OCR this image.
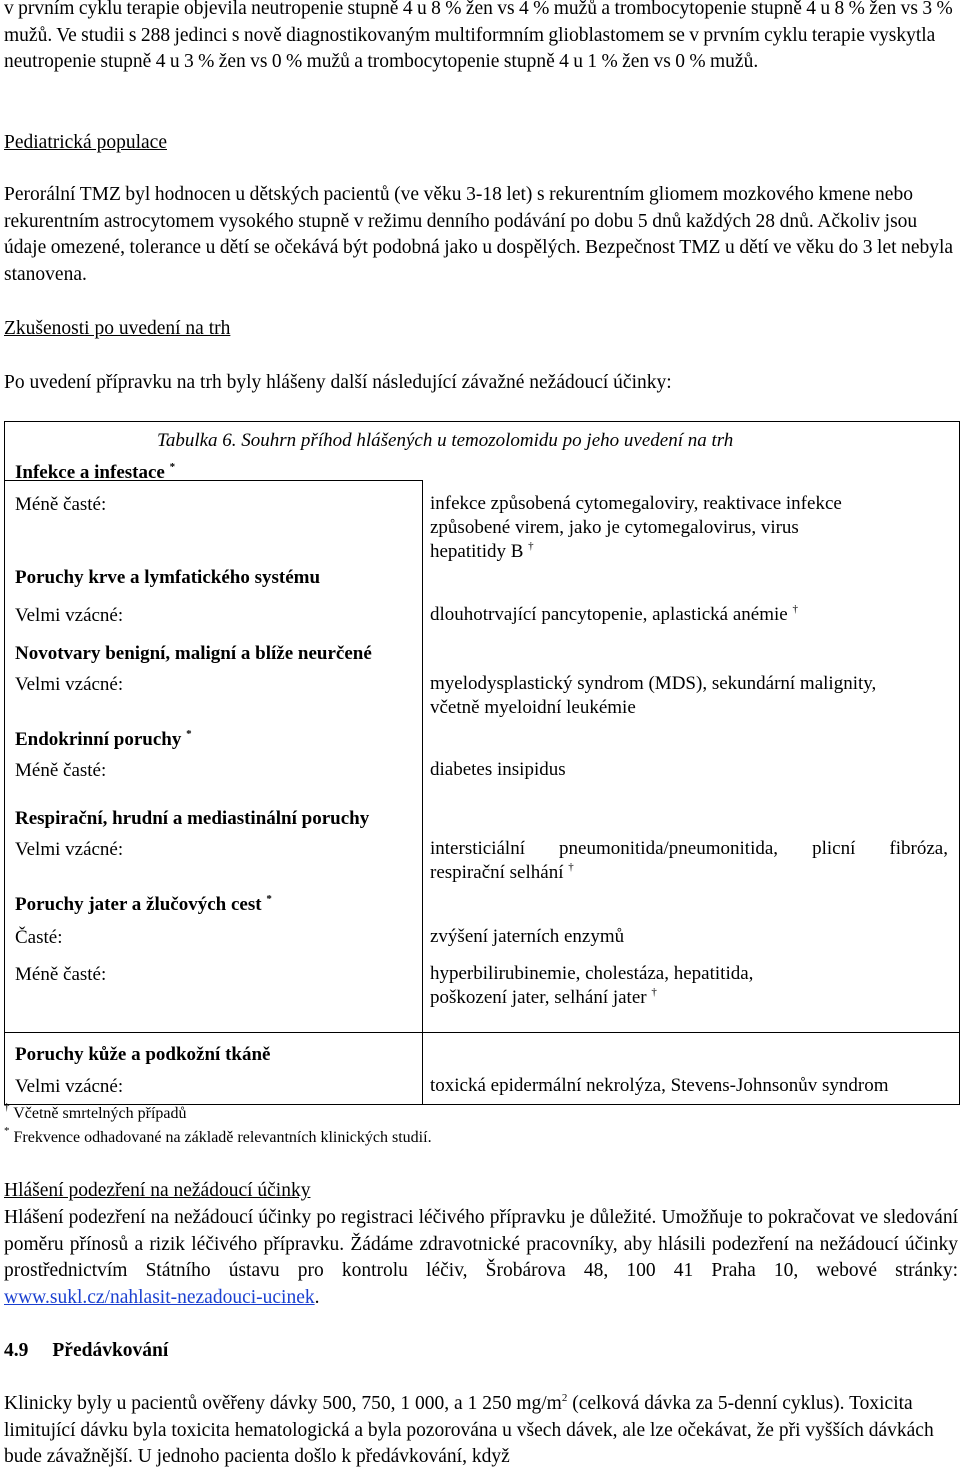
v prvním cyklu terapie objevila neutropenie stupně 4 u 8 % žen vs 4 % mužů a trombocytopenie stupně 4 u 8 % žen vs 3 % mužů. Ve studii s 288 jedinci s nově diagnostikovaným multiformním glioblastomem se v prvním cyklu terapie vyskytla neutropenie stupně 4 u 3 % žen vs 0 % mužů a trombocytopenie stupně 4 u 1 % žen vs 0 % mužů.

Pediatrická populace

Perorální TMZ byl hodnocen u dětských pacientů (ve věku 3-18 let) s rekurentním gliomem mozkového kmene nebo rekurentním astrocytomem vysokého stupně v režimu denního podávání po dobu 5 dnů každých 28 dnů. Ačkoliv jsou údaje omezené, tolerance u dětí se očekává být podobná jako u dospělých. Bezpečnost TMZ u dětí ve věku do 3 let nebyla stanovena.

Zkušenosti po uvedení na trh

Po uvedení přípravku na trh byly hlášeny další následující závažné nežádoucí účinky:

Tabulka 6. Souhrn příhod hlášených u temozolomidu po jeho uvedení na trh
Infekce a infestace *
Méně časté:	infekce způsobená cytomegaloviry, reaktivace infekce
způsobené virem, jako je cytomegalovirus, virus
hepatitidy B †
Poruchy krve a lymfatického systému
Velmi vzácné:	dlouhotrvající pancytopenie, aplastická anémie †
Novotvary benigní, maligní a blíže neurčené
Velmi vzácné:	myelodysplastický syndrom (MDS), sekundární malignity,
včetně myeloidní leukémie
Endokrinní poruchy *
Méně časté:	diabetes insipidus
Respirační, hrudní a mediastinální poruchy
Velmi vzácné:	intersticiální pneumonitida/pneumonitida, plicní fibróza,
respirační selhání †
Poruchy jater a žlučových cest *
Časté:	zvýšení jaterních enzymů
Méně časté:	hyperbilirubinemie, cholestáza, hepatitida,
poškození jater, selhání jater †
Poruchy kůže a podkožní tkáně
Velmi vzácné:	toxická epidermální nekrolýza, Stevens-Johnsonův syndrom
† Včetně smrtelných případů
* Frekvence odhadované na základě relevantních klinických studií.

Hlášení podezření na nežádoucí účinky

Hlášení podezření na nežádoucí účinky po registraci léčivého přípravku je důležité. Umožňuje to pokračovat ve sledování poměru přínosů a rizik léčivého přípravku. Žádáme zdravotnické pracovníky, aby hlásili podezření na nežádoucí účinky prostřednictvím Státního ústavu pro kontrolu léčiv, Šrobárova 48, 100 41 Praha 10, webové stránky: www.sukl.cz/nahlasit-nezadouci-ucinek.

4.9 Předávkování

Klinicky byly u pacientů ověřeny dávky 500, 750, 1 000, a 1 250 $mg/m^2$ (celková dávka za 5-denní cyklus). Toxicita limitující dávku byla toxicita hematologická a byla pozorována u všech dávek, ale lze očekávat, že při vyšších dávkách bude závažnější. U jednoho pacienta došlo k předávkování, když
